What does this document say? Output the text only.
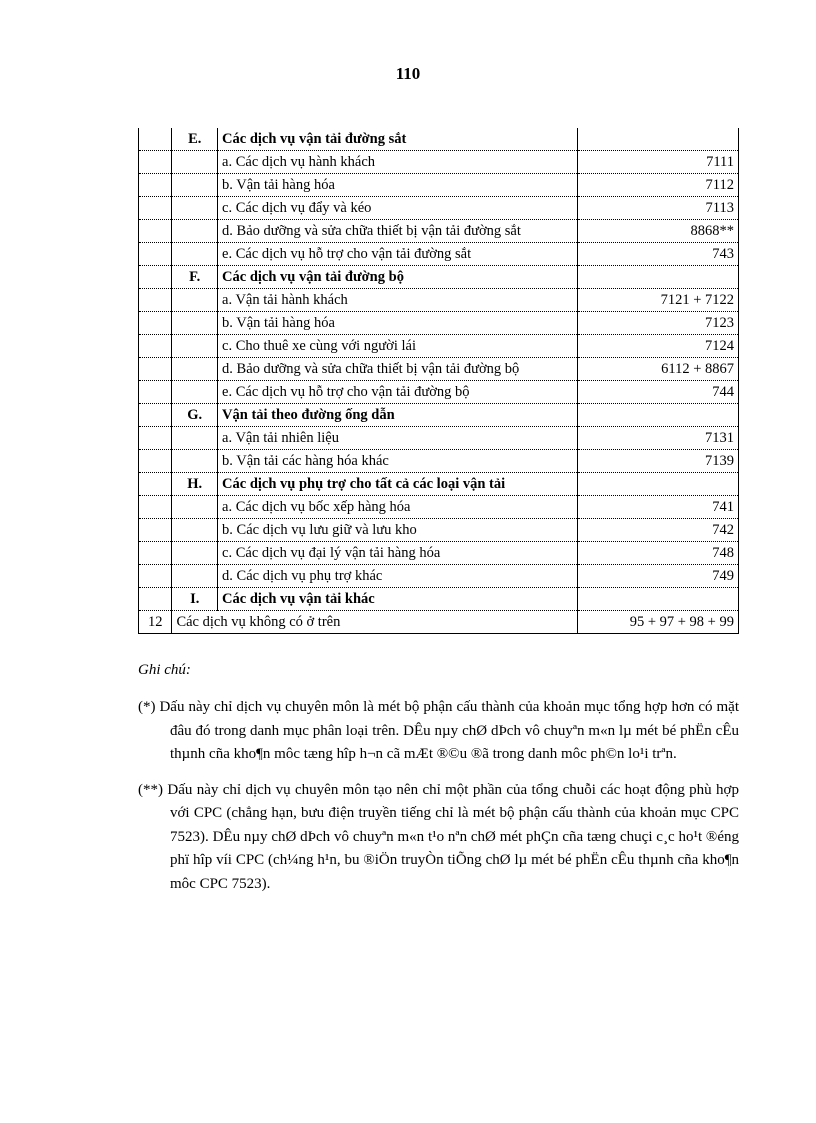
110
	E.	Các dịch vụ vận tải đường sắt	
		a. Các dịch vụ hành khách	7111
		b. Vận tải hàng hóa	7112
		c. Các dịch vụ đẩy và kéo	7113
		d. Bảo dưỡng và sửa chữa thiết bị vận tải đường sắt	8868**
		e. Các dịch vụ hỗ trợ cho vận tải đường sắt	743
	F.	Các dịch vụ vận tải đường bộ	
		a. Vận tải hành khách	7121 + 7122
		b. Vận tải hàng hóa	7123
		c. Cho thuê xe cùng với người lái	7124
		d. Bảo dưỡng và sửa chữa thiết bị vận tải đường bộ	6112 + 8867
		e. Các dịch vụ hỗ trợ cho vận tải đường bộ	744
	G.	Vận tải theo đường ống dẫn	
		a. Vận tải nhiên liệu	7131
		b. Vận tải các hàng hóa khác	7139
	H.	Các dịch vụ phụ trợ cho tất cả các loại vận tải	
		a. Các dịch vụ bốc xếp hàng hóa	741
		b. Các dịch vụ lưu giữ và lưu kho	742
		c. Các dịch vụ đại lý vận tải hàng hóa	748
		d. Các dịch vụ phụ trợ khác	749
	I.	Các dịch vụ vận tải khác	
12	Các dịch vụ không có ở trên		95 + 97 + 98 + 99
Ghi chú:
(*) Dấu này chỉ dịch vụ chuyên môn là mét bộ phận cấu thành của khoản mục tổng hợp hơn có mặt đâu đó trong danh mục phân loại trên. DÊu nµy chØ dÞch vô chuyªn m«n lµ mét bé phËn cÊu thµnh cña kho¶n môc tæng hîp h¬n cã mÆt ®©u ®ã trong danh môc ph©n lo¹i trªn.
(**) Dấu này chỉ dịch vụ chuyên môn tạo nên chỉ một phần của tổng chuỗi các hoạt động phù hợp với CPC (chẳng hạn, bưu điện truyền tiếng chỉ là mét bộ phận cấu thành của khoản mục CPC 7523). DÊu nµy chØ dÞch vô chuyªn m«n t¹o nªn chØ mét phÇn cña tæng chuçi c¸c ho¹t ®éng phï hîp víi CPC (ch¼ng h¹n, bu ®iÖn truyÒn tiÕng chØ lµ mét bé phËn cÊu thµnh cña kho¶n môc CPC 7523).
